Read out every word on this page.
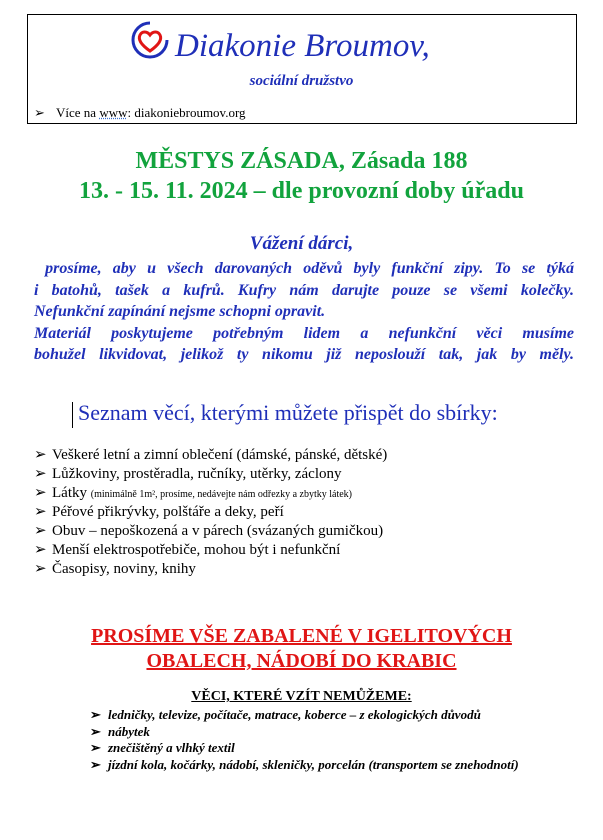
Diakonie Broumov,
sociální družstvo
➢ Více na www: diakoniebroumov.org
MĚSTYS ZÁSADA, Zásada 188
13. - 15. 11. 2024 – dle provozní doby úřadu
Vážení dárci,

prosíme, aby u všech darovaných oděvů byly funkční zipy. To se týká

i batohů, tašek a kufrů. Kufry nám darujte pouze se všemi kolečky.

Nefunkční zapínání nejsme schopni opravit.

Materiál poskytujeme potřebným lidem a nefunkční věci musíme

bohužel likvidovat, jelikož ty nikomu již neposlouží tak, jak by měly.

Seznam věcí, kterými můžete přispět do sbírky:
➢ Veškeré letní a zimní oblečení (dámské, pánské, dětské)
➢ Lůžkoviny, prostěradla, ručníky, utěrky, záclony
➢ Látky (minimálně 1m², prosíme, nedávejte nám odřezky a zbytky látek)
➢ Péřové přikrývky, polštáře a deky, peří
➢ Obuv – nepoškozená a v párech (svázaných gumičkou)
➢ Menší elektrospotřebiče, mohou být i nefunkční
➢ Časopisy, noviny, knihy
PROSÍME VŠE ZABALENÉ V IGELITOVÝCH
OBALECH, NÁDOBÍ DO KRABIC
VĚCI, KTERÉ VZÍT NEMŮŽEME:
➢ ledničky, televize, počítače, matrace, koberce – z ekologických důvodů
➢ nábytek
➢ znečištěný a vlhký textil
➢ jízdní kola, kočárky, nádobí, skleničky, porcelán (transportem se znehodnotí)
